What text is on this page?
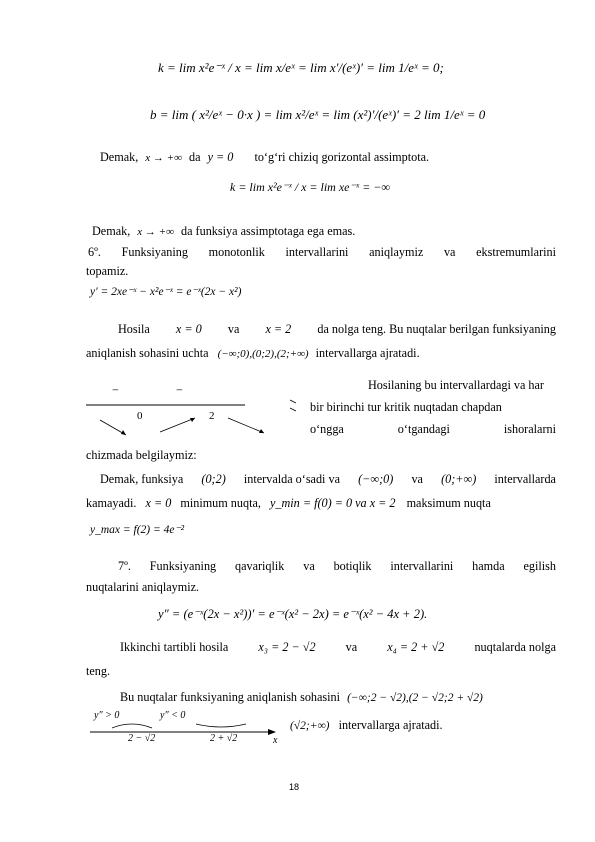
k = lim x²e⁻ˣ / x = lim x/eˣ = lim x′/(eˣ)′ = lim 1/eˣ = 0;
b = lim ( x²/eˣ − 0·x ) = lim x²/eˣ = lim (x²)′/(eˣ)′ = 2 lim 1/eˣ = 0
Demak, x → +∞ da y = 0 to‘g‘ri chiziq gorizontal assimptota.
k = lim x²e⁻ˣ / x = lim xe⁻ˣ = −∞
Demak, x → +∞ da funksiya assimptotaga ega emas.
6º. Funksiyaning monotonlik intervallarini aniqlaymiz va ekstremumlarini
topamiz.
y′ = 2xe⁻ˣ − x²e⁻ˣ = e⁻ˣ(2x − x²)
Hosila x = 0 va x = 2 da nolga teng. Bu nuqtalar berilgan funksiyaning
aniqlanish sohasini uchta (−∞;0),(0;2),(2;+∞) intervallarga ajratadi.
−	−
0	2
Hosilaning bu intervallardagi va har
bir birinchi tur kritik nuqtadan chapdan
o‘ngga o‘tgandagi ishoralarni
chizmada belgilaymiz:
Demak, funksiya (0;2) intervalda o‘sadi va (−∞;0) va (0;+∞) intervallarda
kamayadi. x = 0 minimum nuqta, y_min = f(0) = 0 va x = 2 maksimum nuqta
y_max = f(2) = 4e⁻²
7º. Funksiyaning qavariqlik va botiqlik intervallarini hamda egilish
nuqtalarini aniqlaymiz.
y″ = (e⁻ˣ(2x − x²))′ = e⁻ˣ(x² − 2x) = e⁻ˣ(x² − 4x + 2).
Ikkinchi tartibli hosila x₃ = 2 − √2 va x₄ = 2 + √2 nuqtalarda nolga
teng.
Bu nuqtalar funksiyaning aniqlanish sohasini (−∞;2 − √2),(2 − √2;2 + √2)
y″ > 0	y″ < 0
2 − √2	2 + √2	x
(√2;+∞) intervallarga ajratadi.
18
